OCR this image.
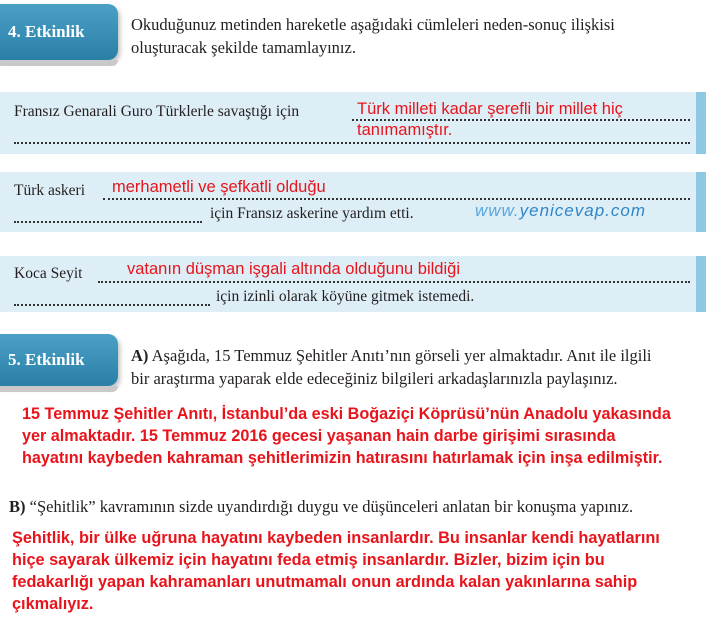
4. Etkinlik	Okuduğunuz metinden hareketle aşağıdaki cümleleri neden-sonuç ilişkisi
oluşturacak şekilde tamamlayınız.
Fransız Genarali Guro Türklerle savaştığı için	Türk milleti kadar şerefli bir millet hiç
tanımamıştır.
Türk askeri
için Fransız askerine yardım etti.
merhametli ve şefkatli olduğu
www.yenicevap.com
Koca Seyit
için izinli olarak köyüne gitmek istemedi.
vatanın düşman işgali altında olduğunu bildiği
5. Etkinlik	A) Aşağıda, 15 Temmuz Şehitler Anıtı’nın görseli yer almaktadır. Anıt ile ilgili
bir araştırma yaparak elde edeceğiniz bilgileri arkadaşlarınızla paylaşınız.
15 Temmuz Şehitler Anıtı, İstanbul’da eski Boğaziçi Köprüsü’nün Anadolu yakasında
yer almaktadır. 15 Temmuz 2016 gecesi yaşanan hain darbe girişimi sırasında
hayatını kaybeden kahraman şehitlerimizin hatırasını hatırlamak için inşa edilmiştir.
B) “Şehitlik” kavramının sizde uyandırdığı duygu ve düşünceleri anlatan bir konuşma yapınız.
Şehitlik, bir ülke uğruna hayatını kaybeden insanlardır. Bu insanlar kendi hayatlarını
hiçe sayarak ülkemiz için hayatını feda etmiş insanlardır. Bizler, bizim için bu
fedakarlığı yapan kahramanları unutmamalı onun ardında kalan yakınlarına sahip
çıkmalıyız.
